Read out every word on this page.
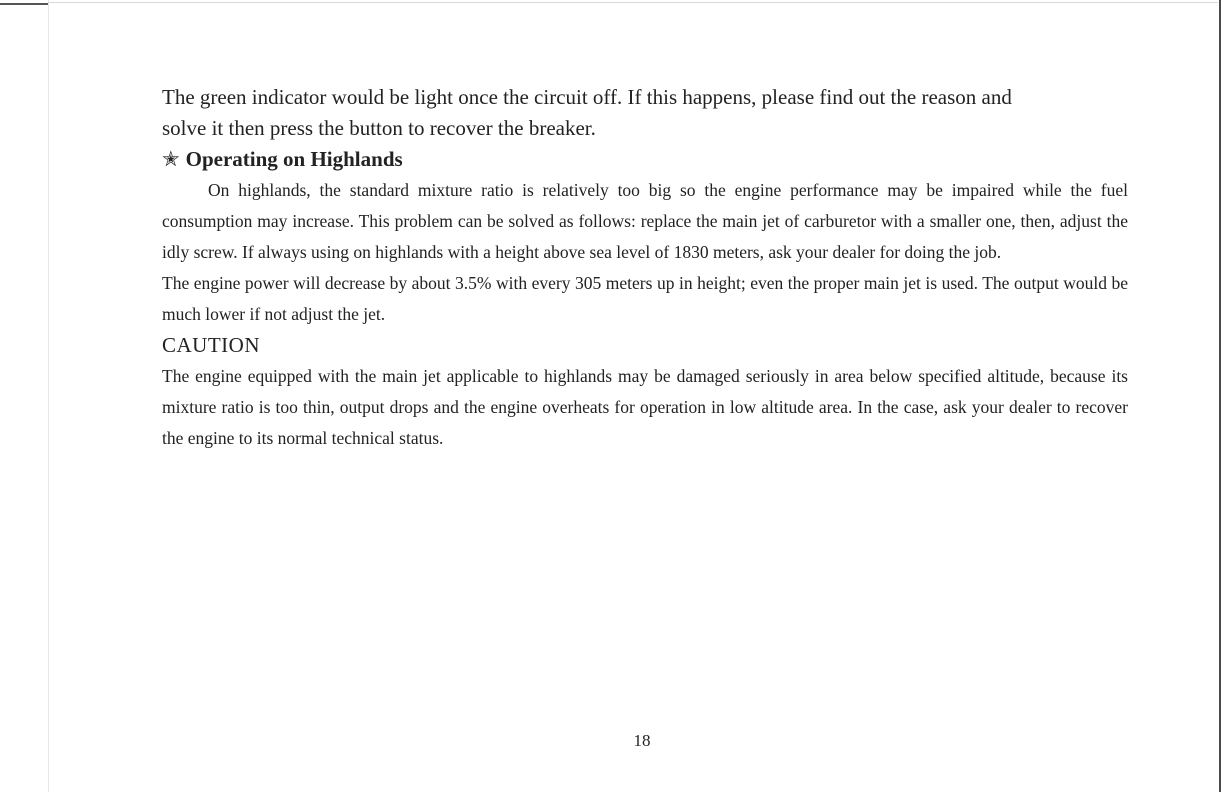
The green indicator would be light once the circuit off. If this happens, please find out the reason and

solve it then press the button to recover the breaker.

✭ Operating on Highlands

On highlands, the standard mixture ratio is relatively too big so the engine performance may be impaired while the fuel consumption may increase. This problem can be solved as follows: replace the main jet of carburetor with a smaller one, then, adjust the idly screw. If always using on highlands with a height above sea level of 1830 meters, ask your dealer for doing the job.

The engine power will decrease by about 3.5% with every 305 meters up in height; even the proper main jet is used. The output would be much lower if not adjust the jet.

CAUTION

The engine equipped with the main jet applicable to highlands may be damaged seriously in area below specified altitude, because its mixture ratio is too thin, output drops and the engine overheats for operation in low altitude area. In the case, ask your dealer to recover the engine to its normal technical status.

18
